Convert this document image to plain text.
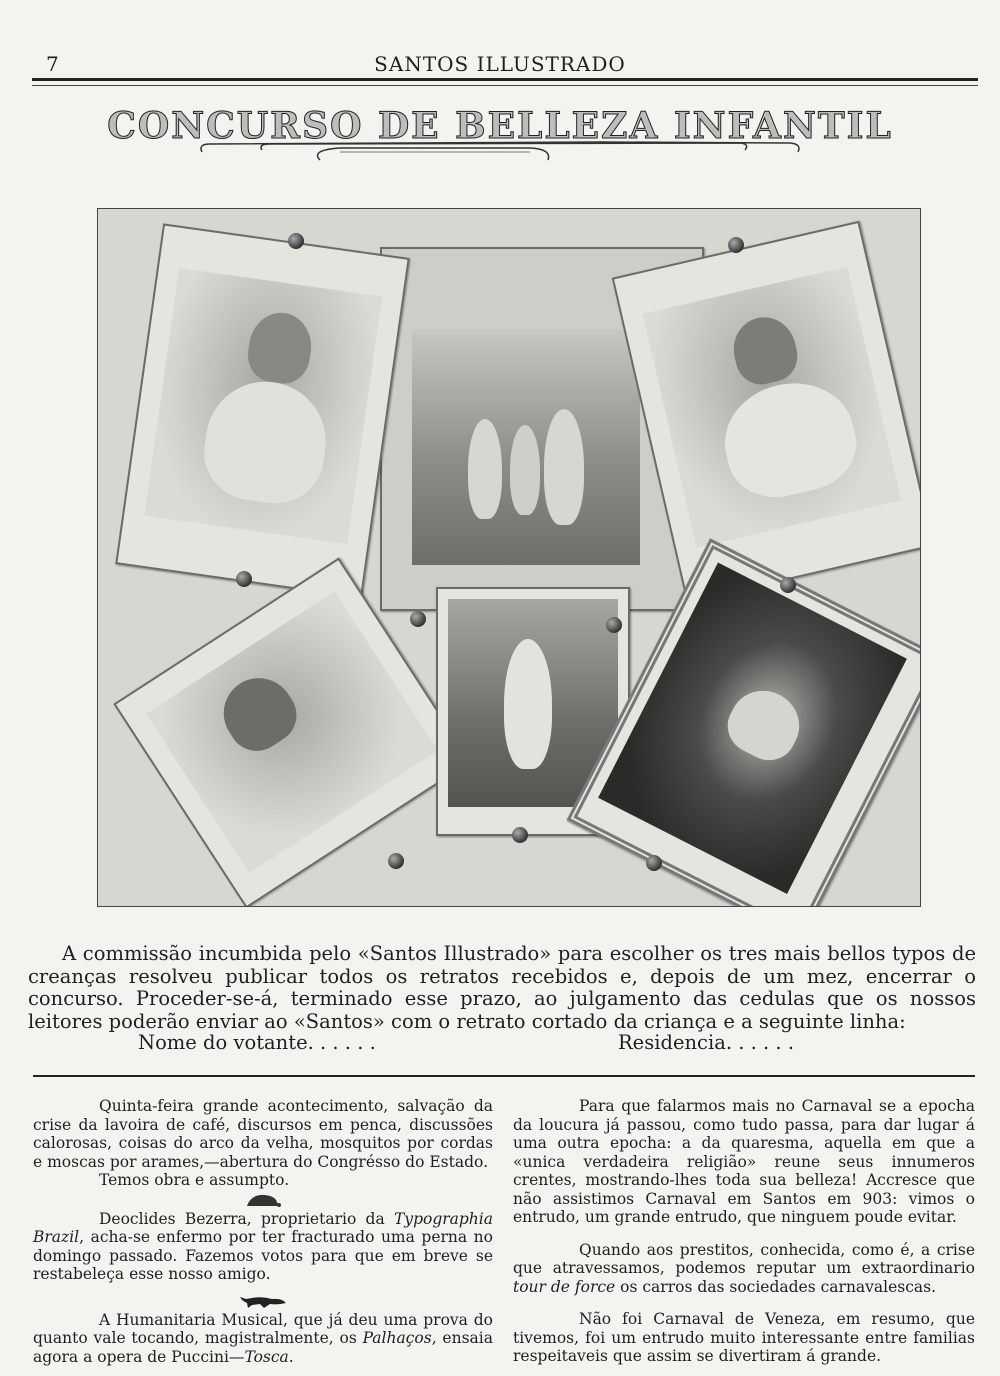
7	SANTOS ILLUSTRADO
CONCURSO DE BELLEZA INFANTIL

A commissão incumbida pelo «Santos Illustrado» para escolher os tres mais bellos typos de creanças resolveu publicar todos os retratos recebidos e, depois de um mez, encerrar o concurso. Proceder-se-á, terminado esse prazo, ao julgamento das cedulas que os nossos leitores poderão enviar ao «Santos» com o retrato cortado da criança e a seguinte linha:

Nome do votante. . . . . .	Residencia. . . . . .

Quinta-feira grande acontecimento, salvação da crise da lavoira de café, discursos em penca, discussões calorosas, coisas do arco da velha, mosquitos por cordas e moscas por arames,—abertura do Congrésso do Estado.

Temos obra e assumpto.

Deoclides Bezerra, proprietario da Typographia Brazil, acha-se enfermo por ter fracturado uma perna no domingo passado. Fazemos votos para que em breve se restabeleça esse nosso amigo.

A Humanitaria Musical, que já deu uma prova do quanto vale tocando, magistralmente, os Palhaços, ensaia agora a opera de Puccini—Tosca.

Para que falarmos mais no Carnaval se a epocha da loucura já passou, como tudo passa, para dar lugar á uma outra epocha: a da quaresma, aquella em que a «unica verdadeira religião» reune seus innumeros crentes, mostrando-lhes toda sua belleza! Accresce que não assistimos Carnaval em Santos em 903: vimos o entrudo, um grande entrudo, que ninguem poude evitar.

Quando aos prestitos, conhecida, como é, a crise que atravessamos, podemos reputar um extraordinario tour de force os carros das sociedades carnavalescas.

Não foi Carnaval de Veneza, em resumo, que tivemos, foi um entrudo muito interessante entre familias respeitaveis que assim se divertiram á grande.
